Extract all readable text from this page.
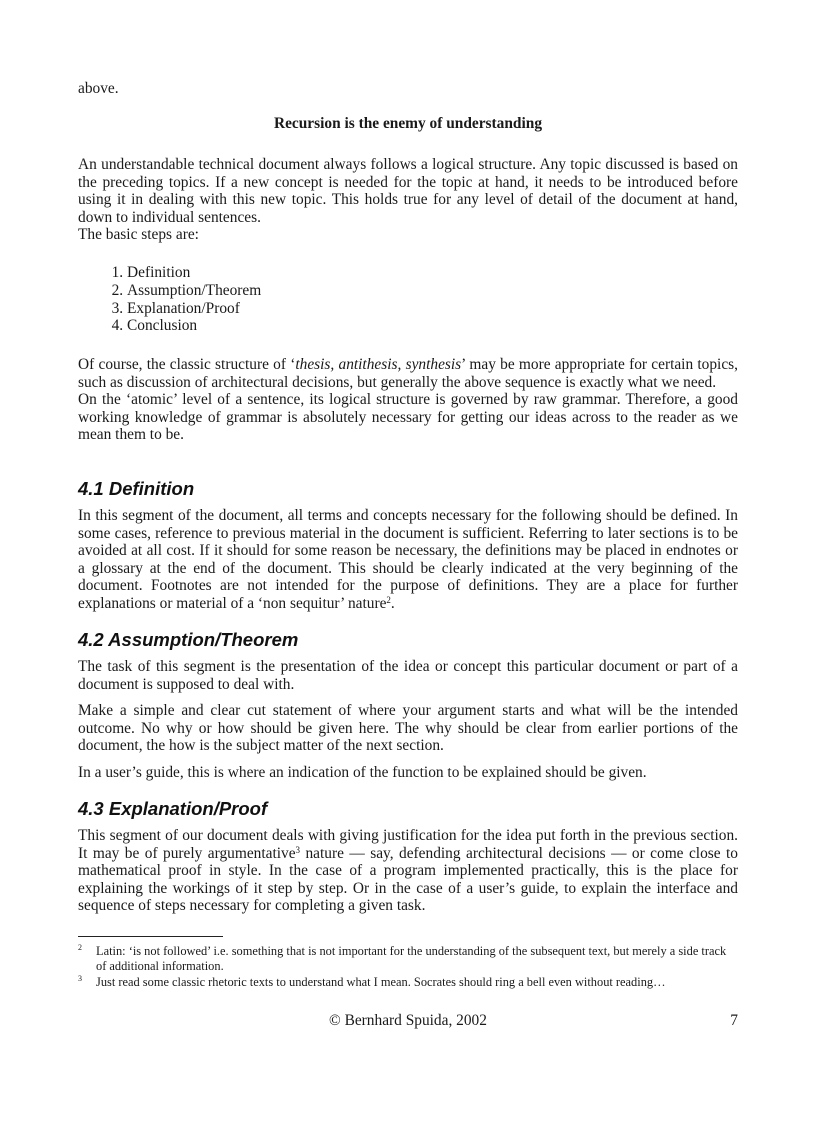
above.

Recursion is the enemy of understanding

An understandable technical document always follows a logical structure. Any topic discussed is based on the preceding topics. If a new concept is needed for the topic at hand, it needs to be introduced before using it in dealing with this new topic. This holds true for any level of detail of the document at hand, down to individual sentences.

The basic steps are:

1. Definition
2. Assumption/Theorem
3. Explanation/Proof
4. Conclusion

Of course, the classic structure of ‘thesis, antithesis, synthesis’ may be more appropriate for certain topics, such as discussion of architectural decisions, but generally the above sequence is exactly what we need.

On the ‘atomic’ level of a sentence, its logical structure is governed by raw grammar. Therefore, a good working knowledge of grammar is absolutely necessary for getting our ideas across to the reader as we mean them to be.

4.1 Definition

In this segment of the document, all terms and concepts necessary for the following should be defined. In some cases, reference to previous material in the document is sufficient. Referring to later sections is to be avoided at all cost. If it should for some reason be necessary, the definitions may be placed in endnotes or a glossary at the end of the document. This should be clearly indicated at the very beginning of the document. Footnotes are not intended for the purpose of definitions. They are a place for further explanations or material of a ‘non sequitur’ nature$^2$.

4.2 Assumption/Theorem

The task of this segment is the presentation of the idea or concept this particular document or part of a document is supposed to deal with.

Make a simple and clear cut statement of where your argument starts and what will be the intended outcome. No why or how should be given here. The why should be clear from earlier portions of the document, the how is the subject matter of the next section.

In a user’s guide, this is where an indication of the function to be explained should be given.

4.3 Explanation/Proof

This segment of our document deals with giving justification for the idea put forth in the previous section. It may be of purely argumentative$^3$ nature — say, defending architectural decisions — or come close to mathematical proof in style. In the case of a program implemented practically, this is the place for explaining the workings of it step by step. Or in the case of a user’s guide, to explain the interface and sequence of steps necessary for completing a given task.

2 Latin: ‘is not followed’ i.e. something that is not important for the understanding of the subsequent text, but merely a side track of additional information.
3 Just read some classic rhetoric texts to understand what I mean. Socrates should ring a bell even without reading…
© Bernhard Spuida, 2002	7
